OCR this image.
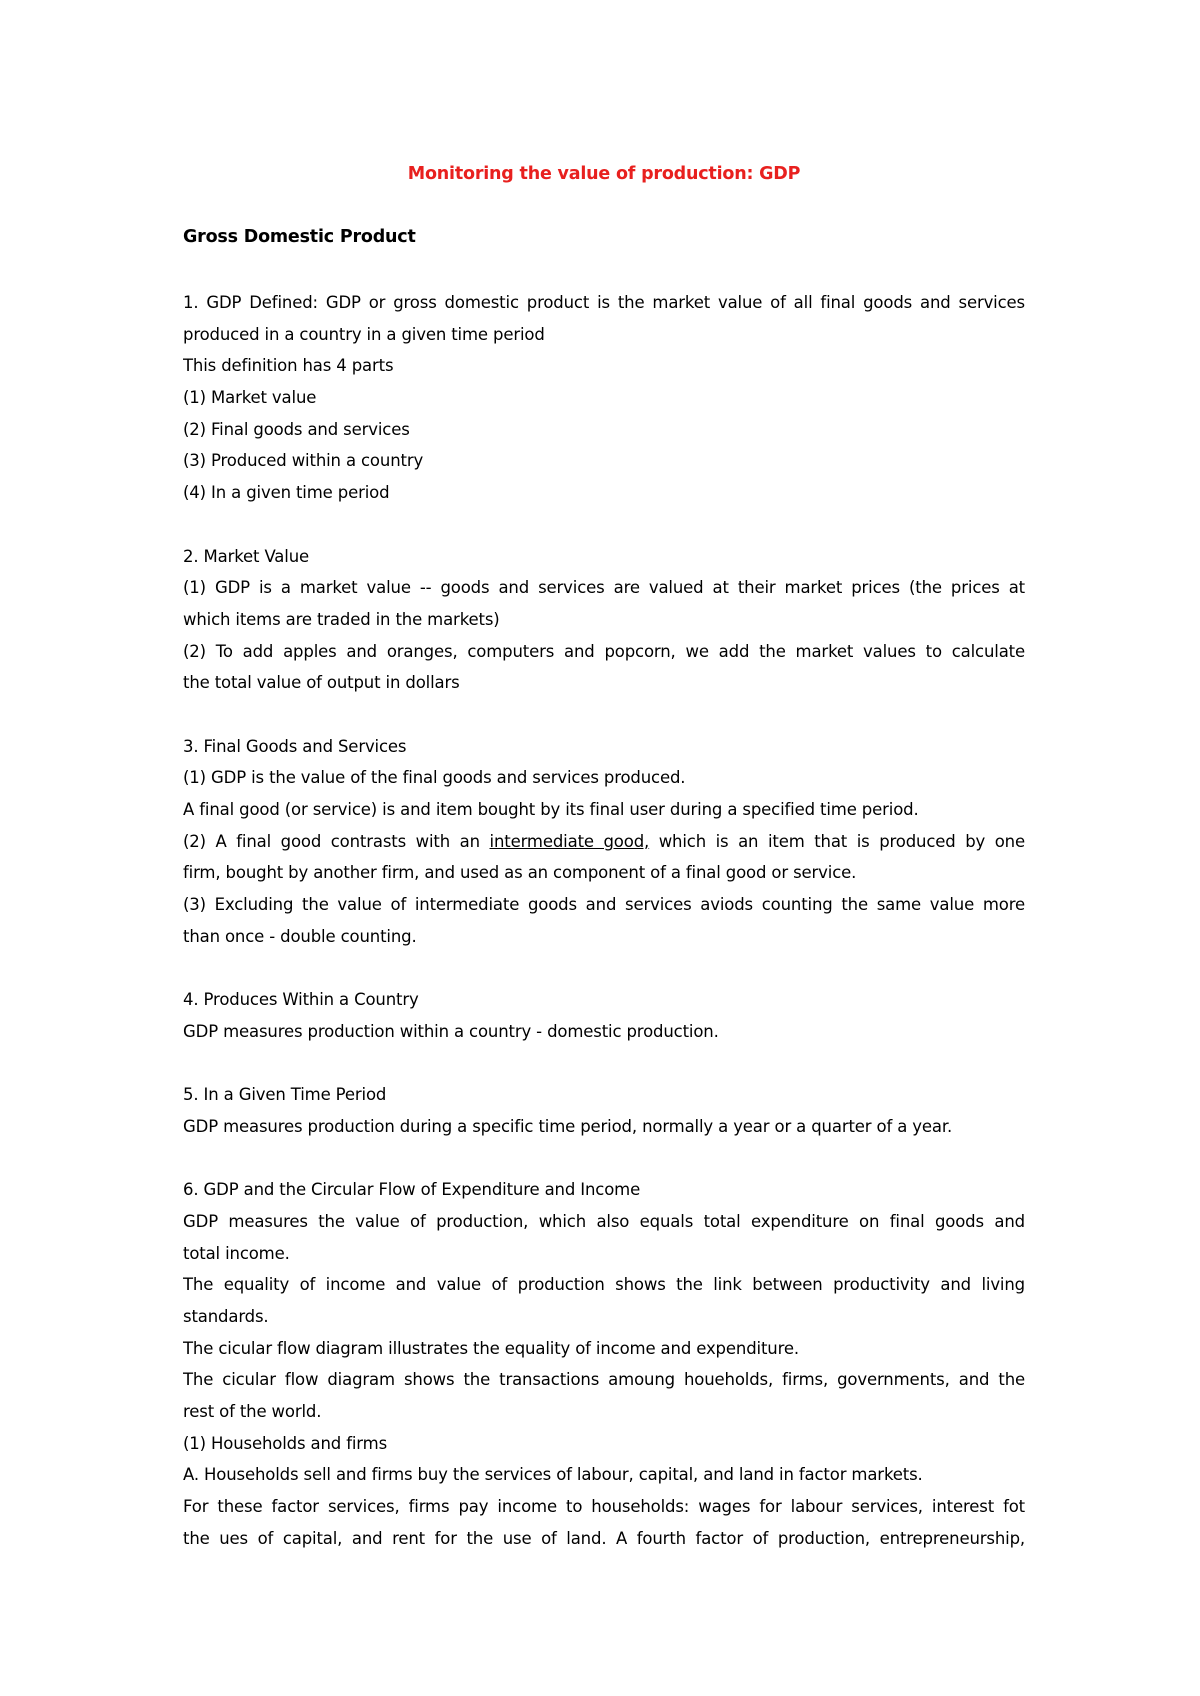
Monitoring the value of production: GDP
Gross Domestic Product
1. GDP Defined: GDP or gross domestic product is the market value of all final goods and services
produced in a country in a given time period
This definition has 4 parts
(1) Market value
(2) Final goods and services
(3) Produced within a country
(4) In a given time period
2. Market Value
(1) GDP is a market value -- goods and services are valued at their market prices (the prices at
which items are traded in the markets)
(2) To add apples and oranges, computers and popcorn, we add the market values to calculate
the total value of output in dollars
3. Final Goods and Services
(1) GDP is the value of the final goods and services produced.
A final good (or service) is and item bought by its final user during a specified time period.
(2) A final good contrasts with an intermediate good, which is an item that is produced by one
firm, bought by another firm, and used as an component of a final good or service.
(3) Excluding the value of intermediate goods and services aviods counting the same value more
than once - double counting.
4. Produces Within a Country
GDP measures production within a country - domestic production.
5. In a Given Time Period
GDP measures production during a specific time period, normally a year or a quarter of a year.
6. GDP and the Circular Flow of Expenditure and Income
GDP measures the value of production, which also equals total expenditure on final goods and
total income.
The equality of income and value of production shows the link between productivity and living
standards.
The cicular flow diagram illustrates the equality of income and expenditure.
The cicular flow diagram shows the transactions amoung houeholds, firms, governments, and the
rest of the world.
(1) Households and firms
A. Households sell and firms buy the services of labour, capital, and land in factor markets.
For these factor services, firms pay income to households: wages for labour services, interest fot
the ues of capital, and rent for the use of land. A fourth factor of production, entrepreneurship,
